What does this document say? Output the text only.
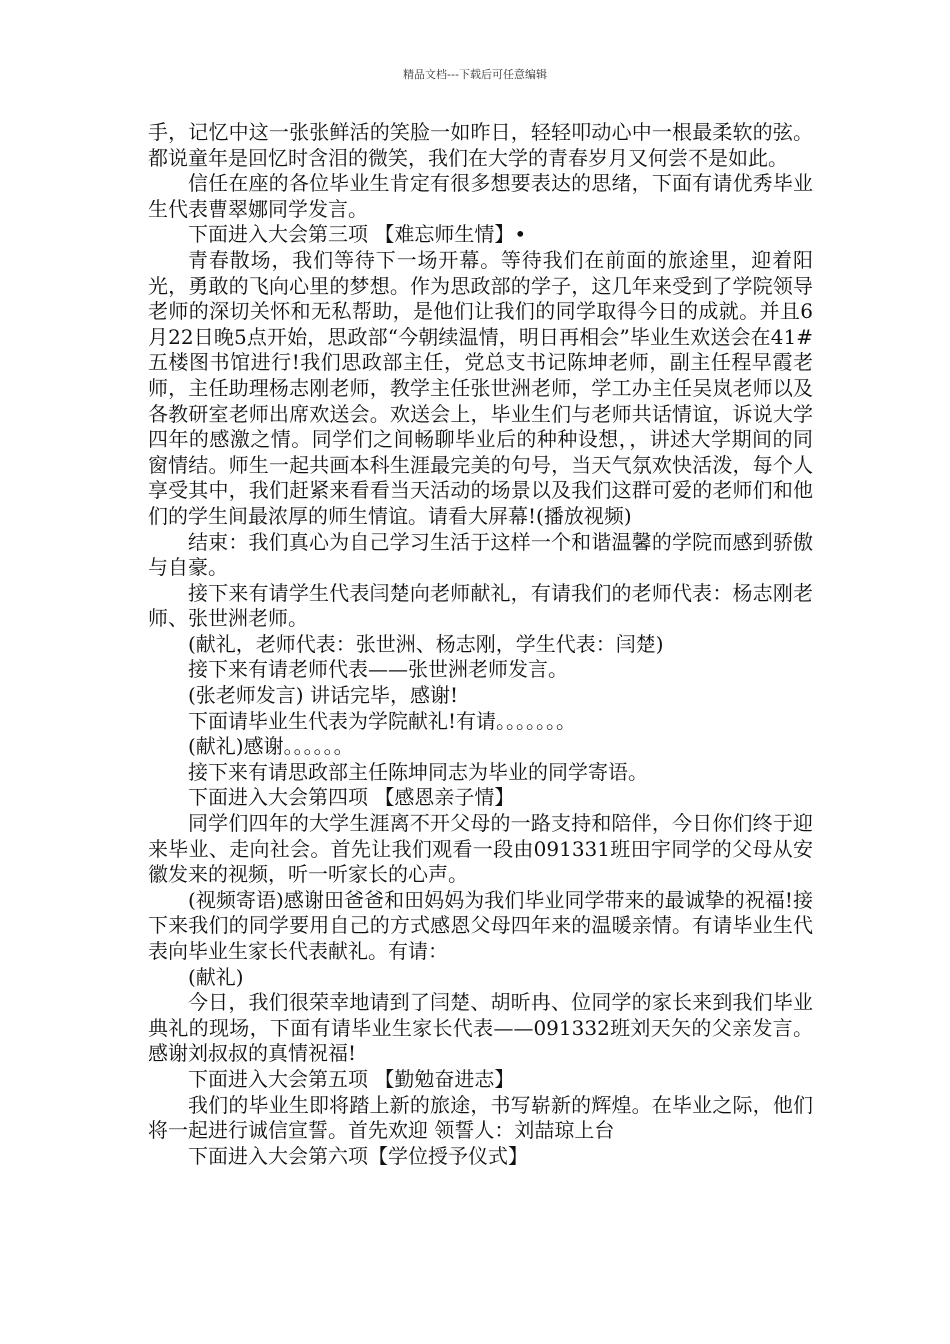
精品文档---下载后可任意编辑

手，记忆中这一张张鲜活的笑脸一如昨日，轻轻叩动心中一根最柔软的弦。都说童年是回忆时含泪的微笑，我们在大学的青春岁月又何尝不是如此。

信任在座的各位毕业生肯定有很多想要表达的思绪，下面有请优秀毕业生代表曹翠娜同学发言。

下面进入大会第三项 【难忘师生情】•

青春散场，我们等待下一场开幕。等待我们在前面的旅途里，迎着阳光，勇敢的飞向心里的梦想。作为思政部的学子，这几年来受到了学院领导老师的深切关怀和无私帮助，是他们让我们的同学取得今日的成就。并且6月22日晚5点开始，思政部“今朝续温情，明日再相会”毕业生欢送会在41#五楼图书馆进行!我们思政部主任，党总支书记陈坤老师，副主任程早霞老师，主任助理杨志刚老师，教学主任张世洲老师，学工办主任吴岚老师以及各教研室老师出席欢送会。欢送会上，毕业生们与老师共话情谊，诉说大学四年的感激之情。同学们之间畅聊毕业后的种种设想，，讲述大学期间的同窗情结。师生一起共画本科生涯最完美的句号，当天气氛欢快活泼，每个人享受其中，我们赶紧来看看当天活动的场景以及我们这群可爱的老师们和他们的学生间最浓厚的师生情谊。请看大屏幕!(播放视频)

结束：我们真心为自己学习生活于这样一个和谐温馨的学院而感到骄傲与自豪。

接下来有请学生代表闫楚向老师献礼，有请我们的老师代表：杨志刚老师、张世洲老师。

(献礼，老师代表：张世洲、杨志刚，学生代表：闫楚)

接下来有请老师代表——张世洲老师发言。

(张老师发言) 讲话完毕，感谢!

下面请毕业生代表为学院献礼!有请。。。。。。。

(献礼)感谢。。。。。。

接下来有请思政部主任陈坤同志为毕业的同学寄语。

下面进入大会第四项 【感恩亲子情】

同学们四年的大学生涯离不开父母的一路支持和陪伴，今日你们终于迎来毕业、走向社会。首先让我们观看一段由091331班田宇同学的父母从安徽发来的视频，听一听家长的心声。

(视频寄语)感谢田爸爸和田妈妈为我们毕业同学带来的最诚挚的祝福!接下来我们的同学要用自己的方式感恩父母四年来的温暖亲情。有请毕业生代表向毕业生家长代表献礼。有请：

(献礼)

今日，我们很荣幸地请到了闫楚、胡昕冉、位同学的家长来到我们毕业典礼的现场，下面有请毕业生家长代表——091332班刘天矢的父亲发言。感谢刘叔叔的真情祝福!

下面进入大会第五项 【勤勉奋进志】

我们的毕业生即将踏上新的旅途，书写崭新的辉煌。在毕业之际，他们将一起进行诚信宣誓。首先欢迎 领誓人：刘喆琼上台

下面进入大会第六项【学位授予仪式】
